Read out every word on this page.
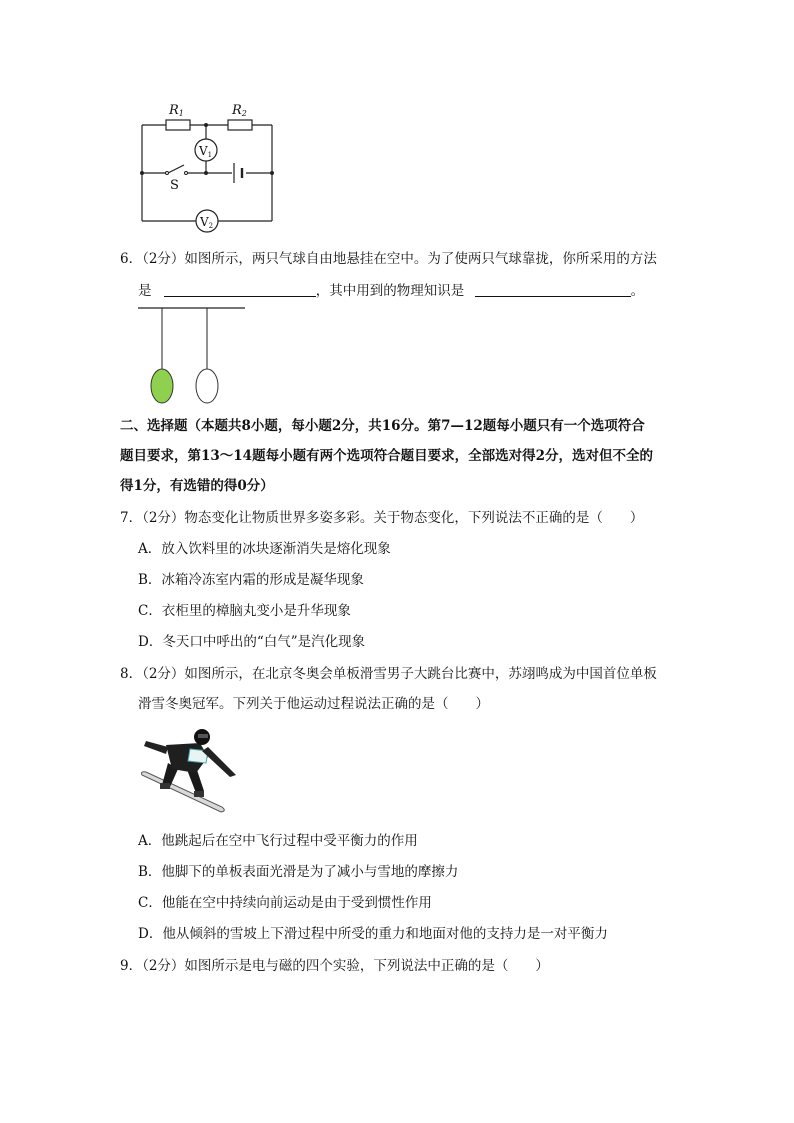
R1	R2
V1
V2
S
6．（2分）如图所示，两只气球自由地悬挂在空中。为了使两只气球靠拢，你所采用的方法
是	，其中用到的物理知识是	。
二、选择题（本题共8小题，每小题2分，共16分。第7—12题每小题只有一个选项符合
题目要求，第13～14题每小题有两个选项符合题目要求，全部选对得2分，选对但不全的
得1分，有选错的得0分）
7．（2分）物态变化让物质世界多姿多彩。关于物态变化，下列说法不正确的是（　　）
A．放入饮料里的冰块逐渐消失是熔化现象
B．冰箱冷冻室内霜的形成是凝华现象
C．衣柜里的樟脑丸变小是升华现象
D．冬天口中呼出的“白气”是汽化现象
8．（2分）如图所示，在北京冬奥会单板滑雪男子大跳台比赛中，苏翊鸣成为中国首位单板
滑雪冬奥冠军。下列关于他运动过程说法正确的是（　　）
A．他跳起后在空中飞行过程中受平衡力的作用
B．他脚下的单板表面光滑是为了减小与雪地的摩擦力
C．他能在空中持续向前运动是由于受到惯性作用
D．他从倾斜的雪坡上下滑过程中所受的重力和地面对他的支持力是一对平衡力
9．（2分）如图所示是电与磁的四个实验，下列说法中正确的是（　　）
